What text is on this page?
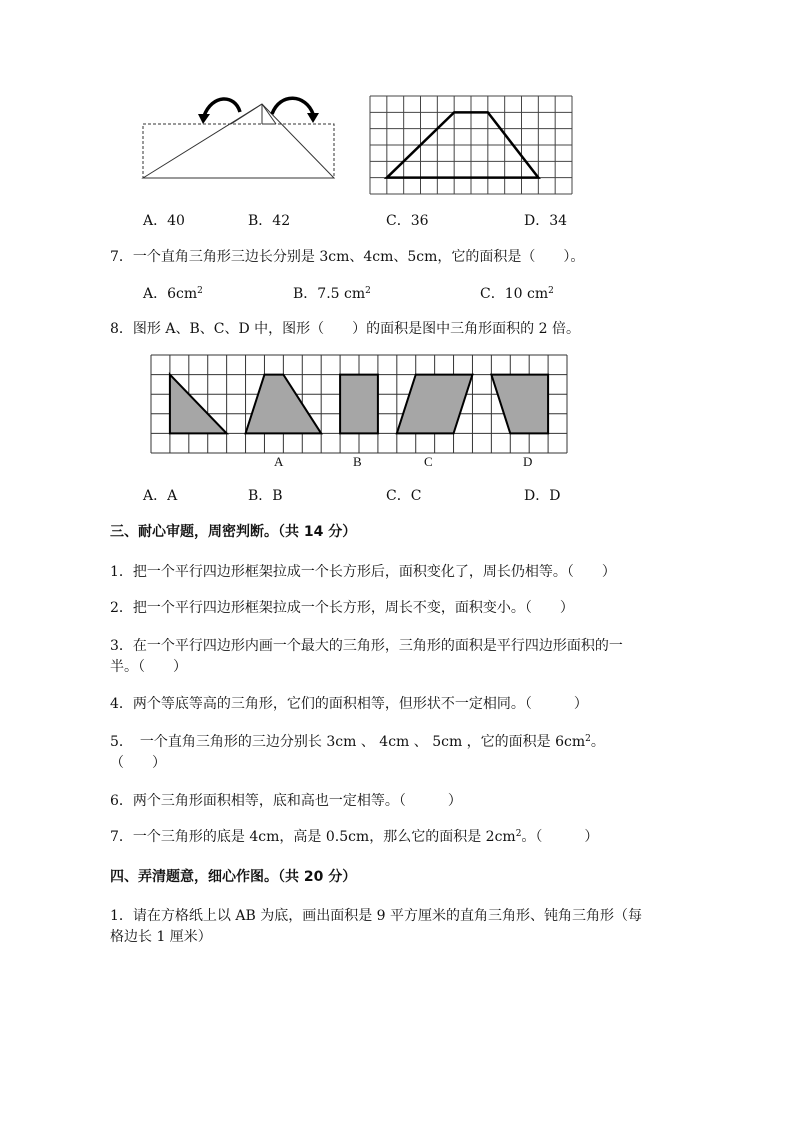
A．40	B．42	C．36	D．34
7．一个直角三角形三边长分别是 3cm、4cm、5cm，它的面积是（　　）。
A．$6cm^2$	B．7.5 $cm^2$	C．10 $cm^2$
8．图形 A、B、C、D 中，图形（　　）的面积是图中三角形面积的 2 倍。
A	B	C	D
A．A	B．B	C．C	D．D
三、耐心审题，周密判断。（共 14 分）
1．把一个平行四边形框架拉成一个长方形后，面积变化了，周长仍相等。（　　）
2．把一个平行四边形框架拉成一个长方形，周长不变，面积变小。（　　）
3．在一个平行四边形内画一个最大的三角形，三角形的面积是平行四边形面积的一
半。（　　）
4．两个等底等高的三角形，它们的面积相等，但形状不一定相同。（　　　）
5．　一个直角三角形的三边分别长 3cm 、 4cm 、 5cm ，它的面积是 $6cm^2$。
（　　）
6．两个三角形面积相等，底和高也一定相等。（　　　）
7．一个三角形的底是 4cm，高是 0.5cm，那么它的面积是 $2cm^2$。（　　　）
四、弄清题意，细心作图。（共 20 分）
1．请在方格纸上以 AB 为底，画出面积是 9 平方厘米的直角三角形、钝角三角形（每
格边长 1 厘米）
